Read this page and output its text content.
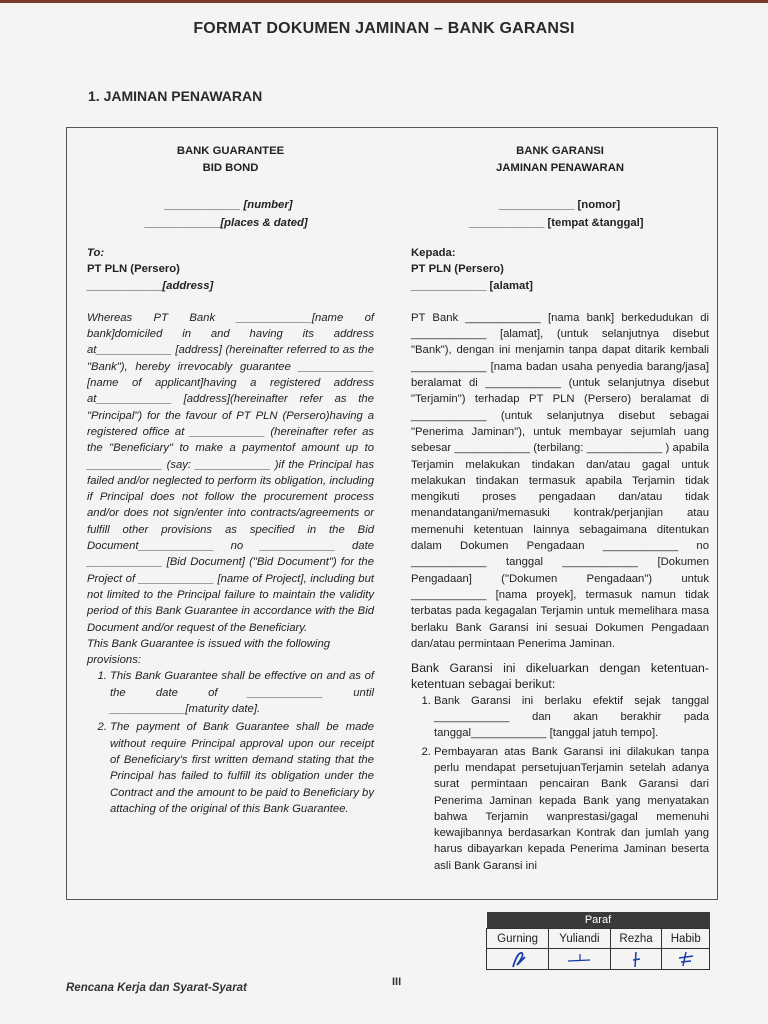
FORMAT DOKUMEN JAMINAN – BANK GARANSI
1. JAMINAN PENAWARAN
BANK GUARANTEE
BID BOND
____________ [number]
____________[places & dated]
To:
PT PLN (Persero)
____________[address]

Whereas PT Bank ____________[name of bank]domiciled in and having its address at____________ [address] (hereinafter referred to as the "Bank"), hereby irrevocably guarantee ____________ [name of applicant]having a registered address at____________ [address](hereinafter refer as the "Principal") for the favour of PT PLN (Persero)having a registered office at ____________ (hereinafter refer as the "Beneficiary" to make a paymentof amount up to ____________ (say: ____________ )if the Principal has failed and/or neglected to perform its obligation, including if Principal does not follow the procurement process and/or does not sign/enter into contracts/agreements or fulfill other provisions as specified in the Bid Document____________ no ____________ date ____________ [Bid Document] ("Bid Document") for the Project of ____________ [name of Project], including but not limited to the Principal failure to maintain the validity period of this Bank Guarantee in accordance with the Bid Document and/or request of the Beneficiary.

This Bank Guarantee is issued with the following provisions:

1. This Bank Guarantee shall be effective on and as of the date of ____________ until ____________[maturity date].
2. The payment of Bank Guarantee shall be made without require Principal approval upon our receipt of Beneficiary's first written demand stating that the Principal has failed to fulfill its obligation under the Contract and the amount to be paid to Beneficiary by attaching of the original of this Bank Guarantee.
BANK GARANSI
JAMINAN PENAWARAN
____________ [nomor]
____________ [tempat &tanggal]
Kepada:
PT PLN (Persero)
____________ [alamat]

PT Bank ____________ [nama bank] berkedudukan di ____________ [alamat], (untuk selanjutnya disebut "Bank"), dengan ini menjamin tanpa dapat ditarik kembali ____________ [nama badan usaha penyedia barang/jasa] beralamat di ____________ (untuk selanjutnya disebut "Terjamin") terhadap PT PLN (Persero) beralamat di ____________ (untuk selanjutnya disebut sebagai "Penerima Jaminan"), untuk membayar sejumlah uang sebesar ____________ (terbilang: ____________ ) apabila Terjamin melakukan tindakan dan/atau gagal untuk melakukan tindakan termasuk apabila Terjamin tidak mengikuti proses pengadaan dan/atau tidak menandatangani/memasuki kontrak/perjanjian atau memenuhi ketentuan lainnya sebagaimana ditentukan dalam Dokumen Pengadaan ____________ no ____________ tanggal ____________ [Dokumen Pengadaan] ("Dokumen Pengadaan") untuk ____________ [nama proyek], termasuk namun tidak terbatas pada kegagalan Terjamin untuk memelihara masa berlaku Bank Garansi ini sesuai Dokumen Pengadaan dan/atau permintaan Penerima Jaminan.

Bank Garansi ini dikeluarkan dengan ketentuan-ketentuan sebagai berikut:

1. Bank Garansi ini berlaku efektif sejak tanggal ____________ dan akan berakhir pada tanggal____________ [tanggal jatuh tempo].
2. Pembayaran atas Bank Garansi ini dilakukan tanpa perlu mendapat persetujuanTerjamin setelah adanya surat permintaan pencairan Bank Garansi dari Penerima Jaminan kepada Bank yang menyatakan bahwa Terjamin wanprestasi/gagal memenuhi kewajibannya berdasarkan Kontrak dan jumlah yang harus dibayarkan kepada Penerima Jaminan beserta asli Bank Garansi ini
Paraf			
Gurning	Yuliandi	Rezha	Habib

Rencana Kerja dan Syarat-Syarat	III
